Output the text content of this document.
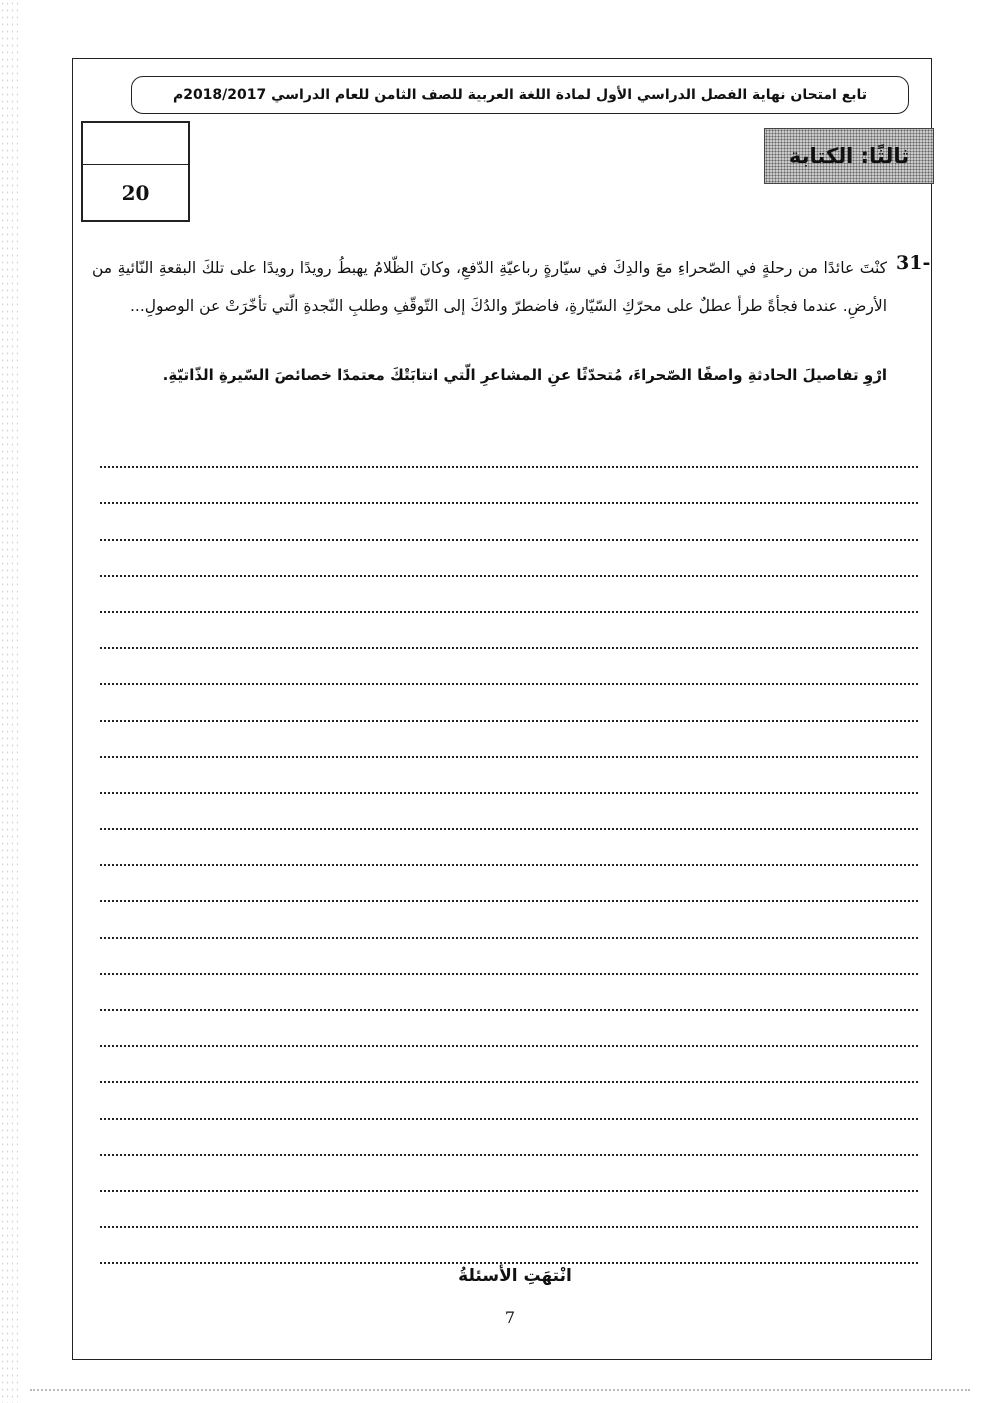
تابع امتحان نهاية الفصل الدراسي الأول لمادة اللغة العربية للصف الثامن للعام الدراسي 2018/2017م
20
ثالثًا: الكتابة
31-
كنْتَ عائدًا من رحلةٍ في الصّحراءِ معَ والدِكَ في سيّارةٍ رباعيّةِ الدّفعِ، وكانَ الظّلامُ يهبطُ رويدًا رويدًا على تلكَ البقعةِ النّائيةِ من الأرضِ. عندما فجأةً طرأ عطلٌ على محرّكِ السّيّارةِ، فاضطرّ والدُكَ إلى التّوقّفِ وطلبِ النّجدةِ الّتي تأخّرَتْ عن الوصولِ...
ارْوِ تفاصيلَ الحادثةِ واصفًا الصّحراءَ، مُتحدّثًا عنِ المشاعرِ الّتي انتابَتْكَ معتمدًا خصائصَ السّيرةِ الذّاتيّةِ.
انْتهَتِ الأسئلةُ
7
